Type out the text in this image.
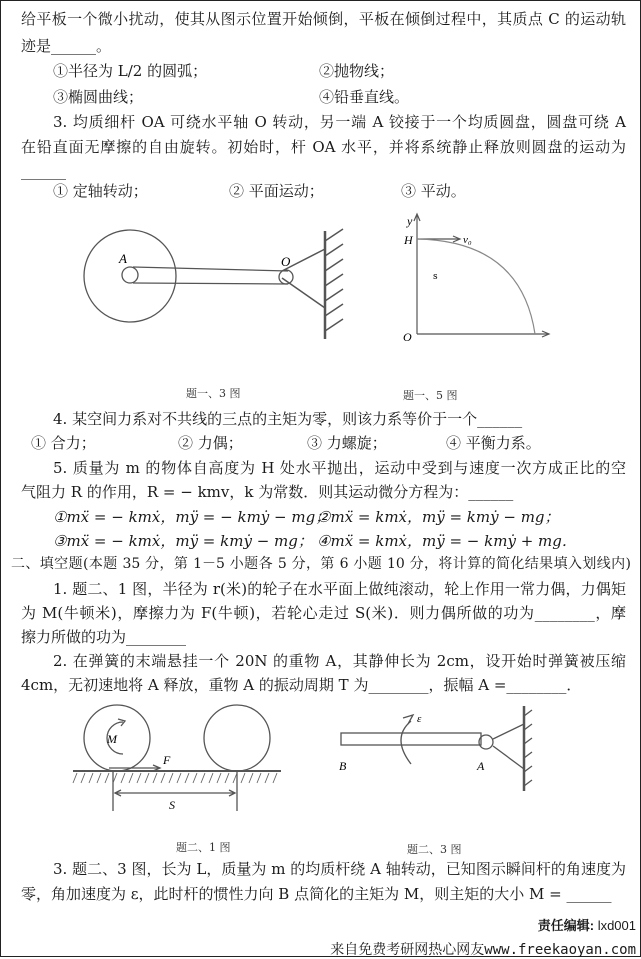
给平板一个微小扰动，使其从图示位置开始倾倒，平板在倾倒过程中，其质点 C 的运动轨
迹是______。
①半径为 L/2 的圆弧；	②抛物线；
③椭圆曲线；	④铅垂直线。
3. 均质细杆 OA 可绕水平轴 O 转动，另一端 A 铰接于一个均质圆盘，圆盘可绕 A
在铅直面无摩擦的自由旋转。初始时，杆 OA 水平，并将系统静止释放则圆盘的运动为
______
① 定轴转动；	② 平面运动；	③ 平动。
A	O
题一、3 图
y
H	v₀
s
O
题一、5 图
4. 某空间力系对不共线的三点的主矩为零，则该力系等价于一个______
① 合力；	② 力偶；	③ 力螺旋；	④ 平衡力系。
5. 质量为 m 的物体自高度为 H 处水平抛出，运动中受到与速度一次方成正比的空
气阻力 R 的作用，R = − kmv，k 为常数．则其运动微分方程为：______
①mẍ = − kmẋ，mÿ = − kmẏ − mg；
②mẍ = kmẋ，mÿ = kmẏ − mg；
③mẍ = − kmẋ，mÿ = kmẏ − mg； ④mẍ = kmẋ，mÿ = − kmẏ + mg．
二、填空题(本题 35 分，第 1－5 小题各 5 分，第 6 小题 10 分，将计算的简化结果填入划线内)
1. 题二、1 图，半径为 r(米)的轮子在水平面上做纯滚动，轮上作用一常力偶，力偶矩
为 M(牛顿米)，摩擦力为 F(牛顿)，若轮心走过 S(米)．则力偶所做的功为________，摩
擦力所做的功为________
2. 在弹簧的末端悬挂一个 20N 的重物 A，其静伸长为 2cm，设开始时弹簧被压缩
4cm，无初速地将 A 释放，重物 A 的振动周期 T 为________，振幅 A =________．
M
F
S
题二、1 图
ε
B	A
题二、3 图
3. 题二、3 图，长为 L，质量为 m 的均质杆绕 A 轴转动，已知图示瞬间杆的角速度为
零，角加速度为 ε，此时杆的惯性力向 B 点简化的主矩为 M，则主矩的大小 M = ______
责任编辑: lxd001
来自免费考研网热心网友www.freekaoyan.com
